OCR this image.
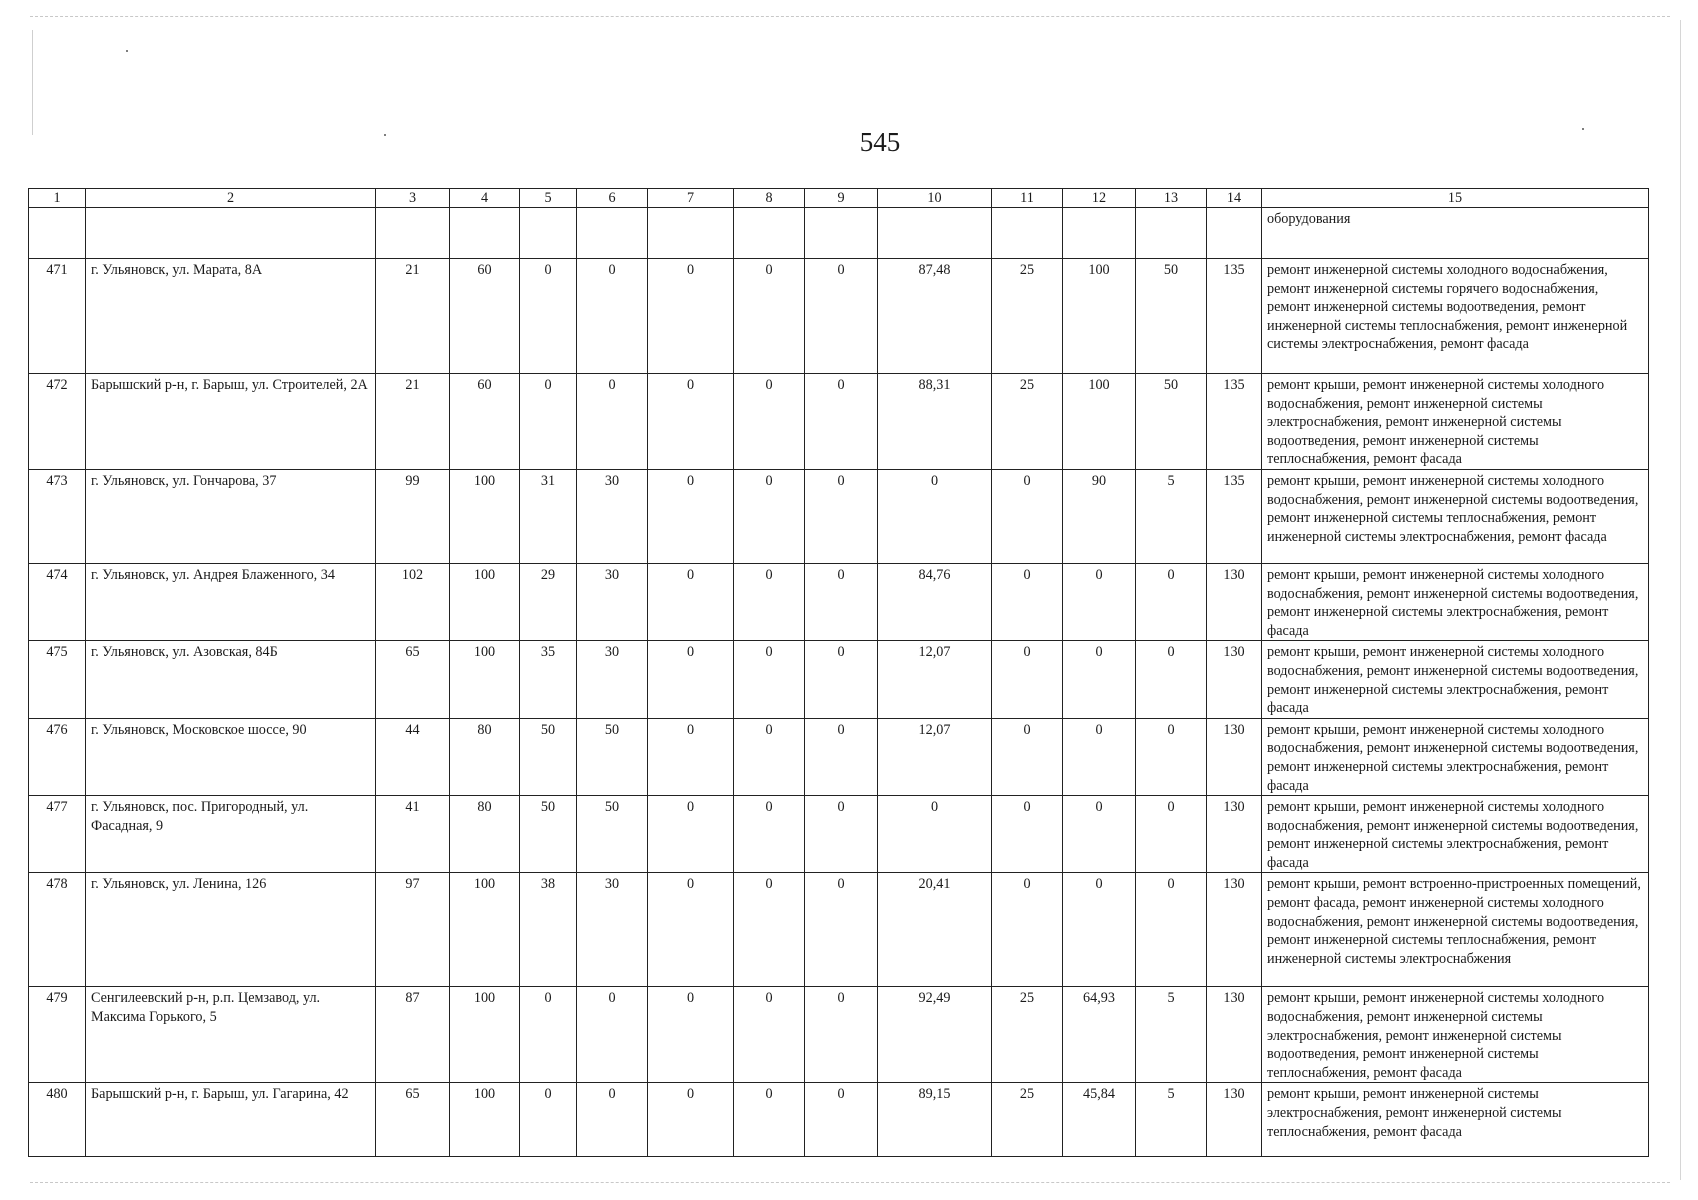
545
1	2	3	4	5	6	7	8	9	10	11	12	13	14	15
														оборудования
471	г. Ульяновск, ул. Марата, 8А	21	60	0	0	0	0	0	87,48	25	100	50	135	ремонт инженерной системы холодного водоснабжения, ремонт инженерной системы горячего водоснабжения, ремонт инженерной системы водоотведения, ремонт инженерной системы теплоснабжения, ремонт инженерной системы электроснабжения, ремонт фасада
472	Барышский р-н, г. Барыш, ул. Строителей, 2А	21	60	0	0	0	0	0	88,31	25	100	50	135	ремонт крыши, ремонт инженерной системы холодного водоснабжения, ремонт инженерной системы электроснабжения, ремонт инженерной системы водоотведения, ремонт инженерной системы теплоснабжения, ремонт фасада
473	г. Ульяновск, ул. Гончарова, 37	99	100	31	30	0	0	0	0	0	90	5	135	ремонт крыши, ремонт инженерной системы холодного водоснабжения, ремонт инженерной системы водоотведения, ремонт инженерной системы теплоснабжения, ремонт инженерной системы электроснабжения, ремонт фасада
474	г. Ульяновск, ул. Андрея Блаженного, 34	102	100	29	30	0	0	0	84,76	0	0	0	130	ремонт крыши, ремонт инженерной системы холодного водоснабжения, ремонт инженерной системы водоотведения, ремонт инженерной системы электроснабжения, ремонт фасада
475	г. Ульяновск, ул. Азовская, 84Б	65	100	35	30	0	0	0	12,07	0	0	0	130	ремонт крыши, ремонт инженерной системы холодного водоснабжения, ремонт инженерной системы водоотведения, ремонт инженерной системы электроснабжения, ремонт фасада
476	г. Ульяновск, Московское шоссе, 90	44	80	50	50	0	0	0	12,07	0	0	0	130	ремонт крыши, ремонт инженерной системы холодного водоснабжения, ремонт инженерной системы водоотведения, ремонт инженерной системы электроснабжения, ремонт фасада
477	г. Ульяновск, пос. Пригородный, ул. Фасадная, 9	41	80	50	50	0	0	0	0	0	0	0	130	ремонт крыши, ремонт инженерной системы холодного водоснабжения, ремонт инженерной системы водоотведения, ремонт инженерной системы электроснабжения, ремонт фасада
478	г. Ульяновск, ул. Ленина, 126	97	100	38	30	0	0	0	20,41	0	0	0	130	ремонт крыши, ремонт встроенно-пристроенных помещений, ремонт фасада, ремонт инженерной системы холодного водоснабжения, ремонт инженерной системы водоотведения, ремонт инженерной системы теплоснабжения, ремонт инженерной системы электроснабжения
479	Сенгилеевский р-н, р.п. Цемзавод, ул. Максима Горького, 5	87	100	0	0	0	0	0	92,49	25	64,93	5	130	ремонт крыши, ремонт инженерной системы холодного водоснабжения, ремонт инженерной системы электроснабжения, ремонт инженерной системы водоотведения, ремонт инженерной системы теплоснабжения, ремонт фасада
480	Барышский р-н, г. Барыш, ул. Гагарина, 42	65	100	0	0	0	0	0	89,15	25	45,84	5	130	ремонт крыши, ремонт инженерной системы электроснабжения, ремонт инженерной системы теплоснабжения, ремонт фасада
